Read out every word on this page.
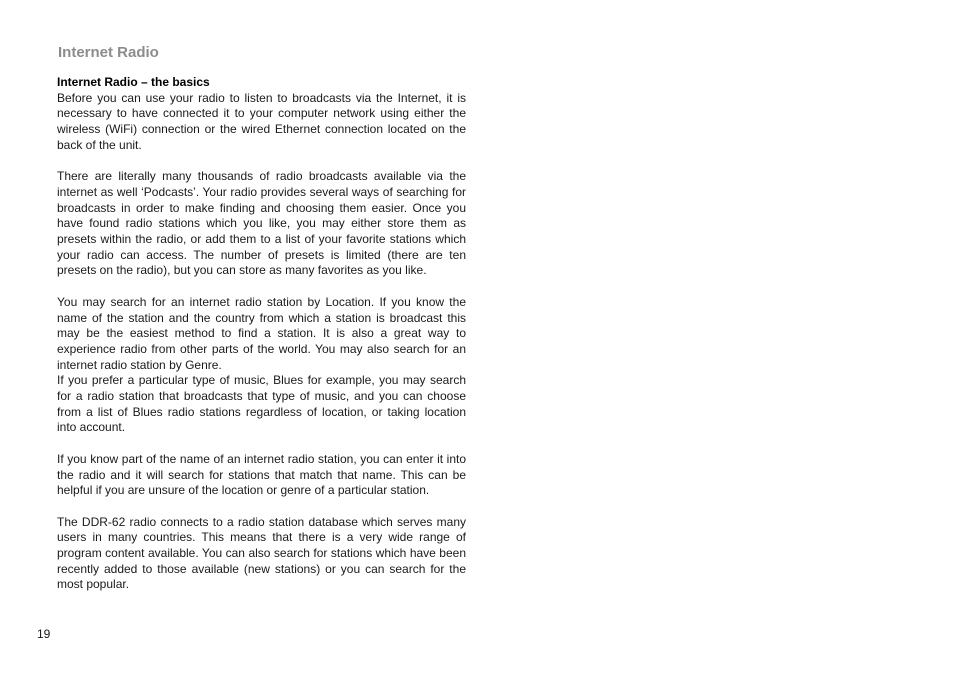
Internet Radio
Internet Radio – the basics

Before you can use your radio to listen to broadcasts via the Internet, it is necessary to have connected it to your computer network using either the wireless (WiFi) connection or the wired Ethernet connection located on the back of the unit.

There are literally many thousands of radio broadcasts available via the internet as well ‘Podcasts’. Your radio provides several ways of searching for broadcasts in order to make finding and choosing them easier. Once you have found radio stations which you like, you may either store them as presets within the radio, or add them to a list of your favorite stations which your radio can access. The number of presets is limited (there are ten presets on the radio), but you can store as many favorites as you like.

You may search for an internet radio station by Location. If you know the name of the station and the country from which a station is broadcast this may be the easiest method to find a station. It is also a great way to experience radio from other parts of the world. You may also search for an internet radio station by Genre.

If you prefer a particular type of music, Blues for example, you may search for a radio station that broadcasts that type of music, and you can choose from a list of Blues radio stations regardless of location, or taking location into account.

If you know part of the name of an internet radio station, you can enter it into the radio and it will search for stations that match that name. This can be helpful if you are unsure of the location or genre of a particular station.

The DDR-62 radio connects to a radio station database which serves many users in many countries. This means that there is a very wide range of program content available. You can also search for stations which have been recently added to those available (new stations) or you can search for the most popular.

19
